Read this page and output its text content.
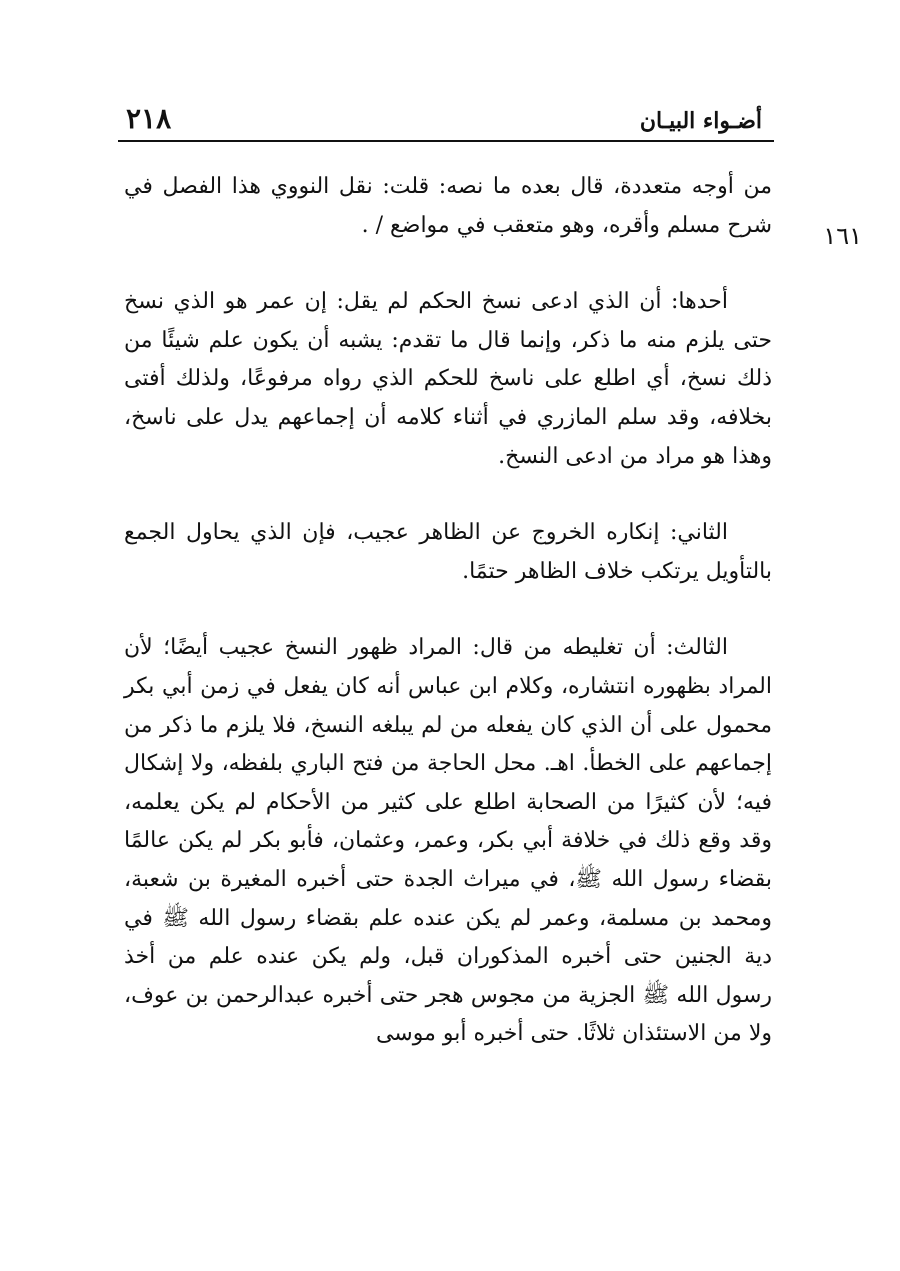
أضـواء البيـان
٢١٨
١٦١

من أوجه متعددة، قال بعده ما نصه: قلت: نقل النووي هذا الفصل في شرح مسلم وأقره، وهو متعقب في مواضع / .

أحدها: أن الذي ادعى نسخ الحكم لم يقل: إن عمر هو الذي نسخ حتى يلزم منه ما ذكر، وإنما قال ما تقدم: يشبه أن يكون علم شيئًا من ذلك نسخ، أي اطلع على ناسخ للحكم الذي رواه مرفوعًا، ولذلك أفتى بخلافه، وقد سلم المازري في أثناء كلامه أن إجماعهم يدل على ناسخ، وهذا هو مراد من ادعى النسخ.

الثاني: إنكاره الخروج عن الظاهر عجيب، فإن الذي يحاول الجمع بالتأويل يرتكب خلاف الظاهر حتمًا.

الثالث: أن تغليطه من قال: المراد ظهور النسخ عجيب أيضًا؛ لأن المراد بظهوره انتشاره، وكلام ابن عباس أنه كان يفعل في زمن أبي بكر محمول على أن الذي كان يفعله من لم يبلغه النسخ، فلا يلزم ما ذكر من إجماعهم على الخطأ. اهـ. محل الحاجة من فتح الباري بلفظه، ولا إشكال فيه؛ لأن كثيرًا من الصحابة اطلع على كثير من الأحكام لم يكن يعلمه، وقد وقع ذلك في خلافة أبي بكر، وعمر، وعثمان، فأبو بكر لم يكن عالمًا بقضاء رسول الله ﷺ، في ميراث الجدة حتى أخبره المغيرة بن شعبة، ومحمد بن مسلمة، وعمر لم يكن عنده علم بقضاء رسول الله ﷺ في دية الجنين حتى أخبره المذكوران قبل، ولم يكن عنده علم من أخذ رسول الله ﷺ الجزية من مجوس هجر حتى أخبره عبدالرحمن بن عوف، ولا من الاستئذان ثلاثًا. حتى أخبره أبو موسى
